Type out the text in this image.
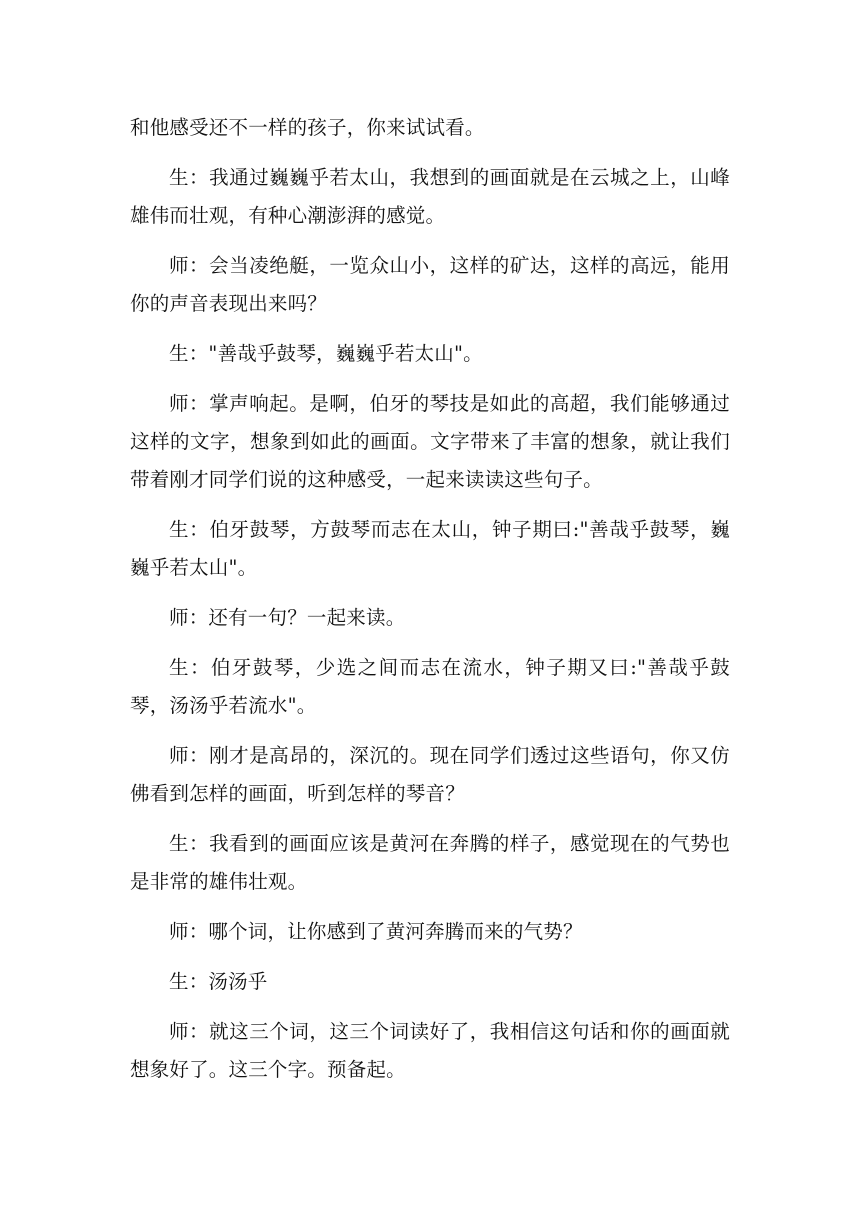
和他感受还不一样的孩子，你来试试看。

生：我通过巍巍乎若太山，我想到的画面就是在云城之上，山峰雄伟而壮观，有种心潮澎湃的感觉。

师：会当凌绝艇，一览众山小，这样的矿达，这样的高远，能用你的声音表现出来吗？

生："善哉乎鼓琴，巍巍乎若太山"。

师：掌声响起。是啊，伯牙的琴技是如此的高超，我们能够通过这样的文字，想象到如此的画面。文字带来了丰富的想象，就让我们带着刚才同学们说的这种感受，一起来读读这些句子。

生：伯牙鼓琴，方鼓琴而志在太山，钟子期曰:"善哉乎鼓琴，巍巍乎若太山"。

师：还有一句？一起来读。

生：伯牙鼓琴，少选之间而志在流水，钟子期又曰:"善哉乎鼓琴，汤汤乎若流水"。

师：刚才是高昂的，深沉的。现在同学们透过这些语句，你又仿佛看到怎样的画面，听到怎样的琴音？

生：我看到的画面应该是黄河在奔腾的样子，感觉现在的气势也是非常的雄伟壮观。

师：哪个词，让你感到了黄河奔腾而来的气势？

生：汤汤乎

师：就这三个词，这三个词读好了，我相信这句话和你的画面就想象好了。这三个字。预备起。
